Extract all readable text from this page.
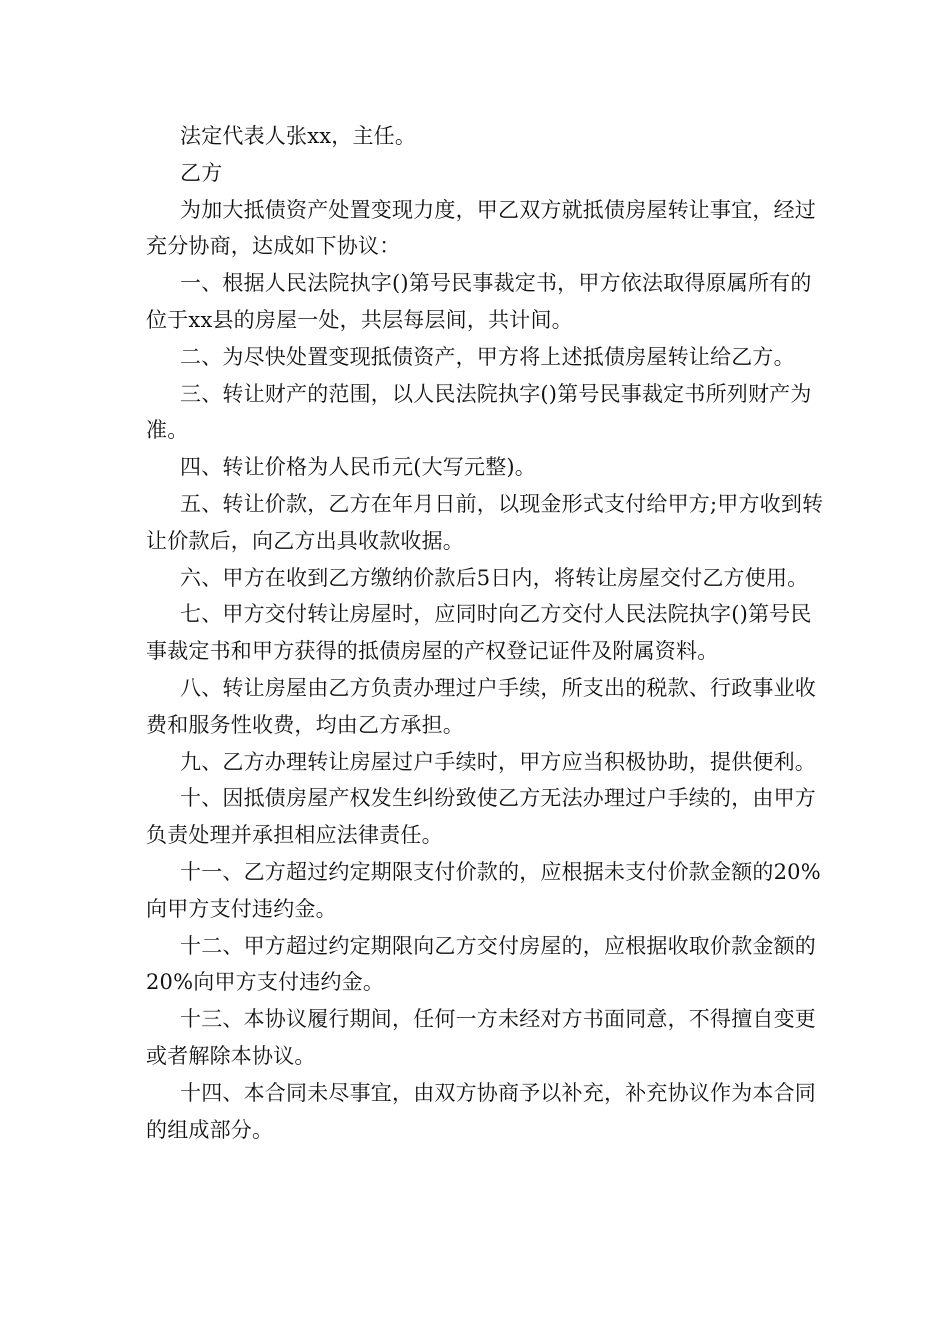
法定代表人张xx，主任。

乙方

为加大抵债资产处置变现力度，甲乙双方就抵债房屋转让事宜，经过充分协商，达成如下协议：

一、根据人民法院执字()第号民事裁定书，甲方依法取得原属所有的位于xx县的房屋一处，共层每层间，共计间。

二、为尽快处置变现抵债资产，甲方将上述抵债房屋转让给乙方。

三、转让财产的范围，以人民法院执字()第号民事裁定书所列财产为准。

四、转让价格为人民币元(大写元整)。

五、转让价款，乙方在年月日前，以现金形式支付给甲方;甲方收到转让价款后，向乙方出具收款收据。

六、甲方在收到乙方缴纳价款后5日内，将转让房屋交付乙方使用。

七、甲方交付转让房屋时，应同时向乙方交付人民法院执字()第号民事裁定书和甲方获得的抵债房屋的产权登记证件及附属资料。

八、转让房屋由乙方负责办理过户手续，所支出的税款、行政事业收费和服务性收费，均由乙方承担。

九、乙方办理转让房屋过户手续时，甲方应当积极协助，提供便利。

十、因抵债房屋产权发生纠纷致使乙方无法办理过户手续的，由甲方负责处理并承担相应法律责任。

十一、乙方超过约定期限支付价款的，应根据未支付价款金额的20%向甲方支付违约金。

十二、甲方超过约定期限向乙方交付房屋的，应根据收取价款金额的20%向甲方支付违约金。

十三、本协议履行期间，任何一方未经对方书面同意，不得擅自变更或者解除本协议。

十四、本合同未尽事宜，由双方协商予以补充，补充协议作为本合同的组成部分。
